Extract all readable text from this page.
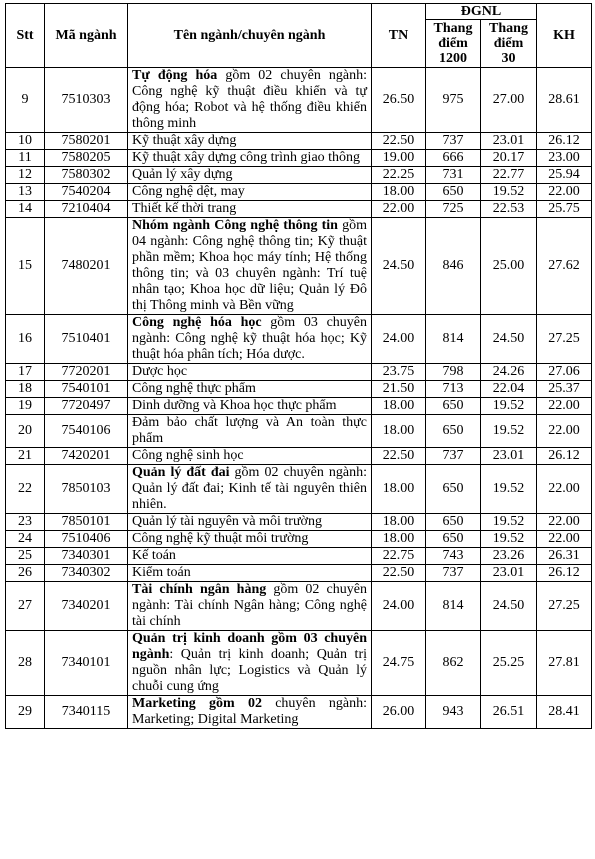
Stt	Mã ngành	Tên ngành/chuyên ngành	TN	ĐGNL		KH
				Thang điểm 1200	Thang điểm 30	
9	7510303	Tự động hóa gồm 02 chuyên ngành: Công nghệ kỹ thuật điều khiển và tự động hóa; Robot và hệ thống điều khiển thông minh	26.50	975	27.00	28.61
10	7580201	Kỹ thuật xây dựng	22.50	737	23.01	26.12
11	7580205	Kỹ thuật xây dựng công trình giao thông	19.00	666	20.17	23.00
12	7580302	Quản lý xây dựng	22.25	731	22.77	25.94
13	7540204	Công nghệ dệt, may	18.00	650	19.52	22.00
14	7210404	Thiết kế thời trang	22.00	725	22.53	25.75
15	7480201	Nhóm ngành Công nghệ thông tin gồm 04 ngành: Công nghệ thông tin; Kỹ thuật phần mềm; Khoa học máy tính; Hệ thống thông tin; và 03 chuyên ngành: Trí tuệ nhân tạo; Khoa học dữ liệu; Quản lý Đô thị Thông minh và Bền vững	24.50	846	25.00	27.62
16	7510401	Công nghệ hóa học gồm 03 chuyên ngành: Công nghệ kỹ thuật hóa học; Kỹ thuật hóa phân tích; Hóa dược.	24.00	814	24.50	27.25
17	7720201	Dược học	23.75	798	24.26	27.06
18	7540101	Công nghệ thực phẩm	21.50	713	22.04	25.37
19	7720497	Dinh dưỡng và Khoa học thực phẩm	18.00	650	19.52	22.00
20	7540106	Đảm bảo chất lượng và An toàn thực phẩm	18.00	650	19.52	22.00
21	7420201	Công nghệ sinh học	22.50	737	23.01	26.12
22	7850103	Quản lý đất đai gồm 02 chuyên ngành: Quản lý đất đai; Kinh tế tài nguyên thiên nhiên.	18.00	650	19.52	22.00
23	7850101	Quản lý tài nguyên và môi trường	18.00	650	19.52	22.00
24	7510406	Công nghệ kỹ thuật môi trường	18.00	650	19.52	22.00
25	7340301	Kế toán	22.75	743	23.26	26.31
26	7340302	Kiểm toán	22.50	737	23.01	26.12
27	7340201	Tài chính ngân hàng gồm 02 chuyên ngành: Tài chính Ngân hàng; Công nghệ tài chính	24.00	814	24.50	27.25
28	7340101	Quản trị kinh doanh gồm 03 chuyên ngành: Quản trị kinh doanh; Quản trị nguồn nhân lực; Logistics và Quản lý chuỗi cung ứng	24.75	862	25.25	27.81
29	7340115	Marketing gồm 02 chuyên ngành: Marketing; Digital Marketing	26.00	943	26.51	28.41
